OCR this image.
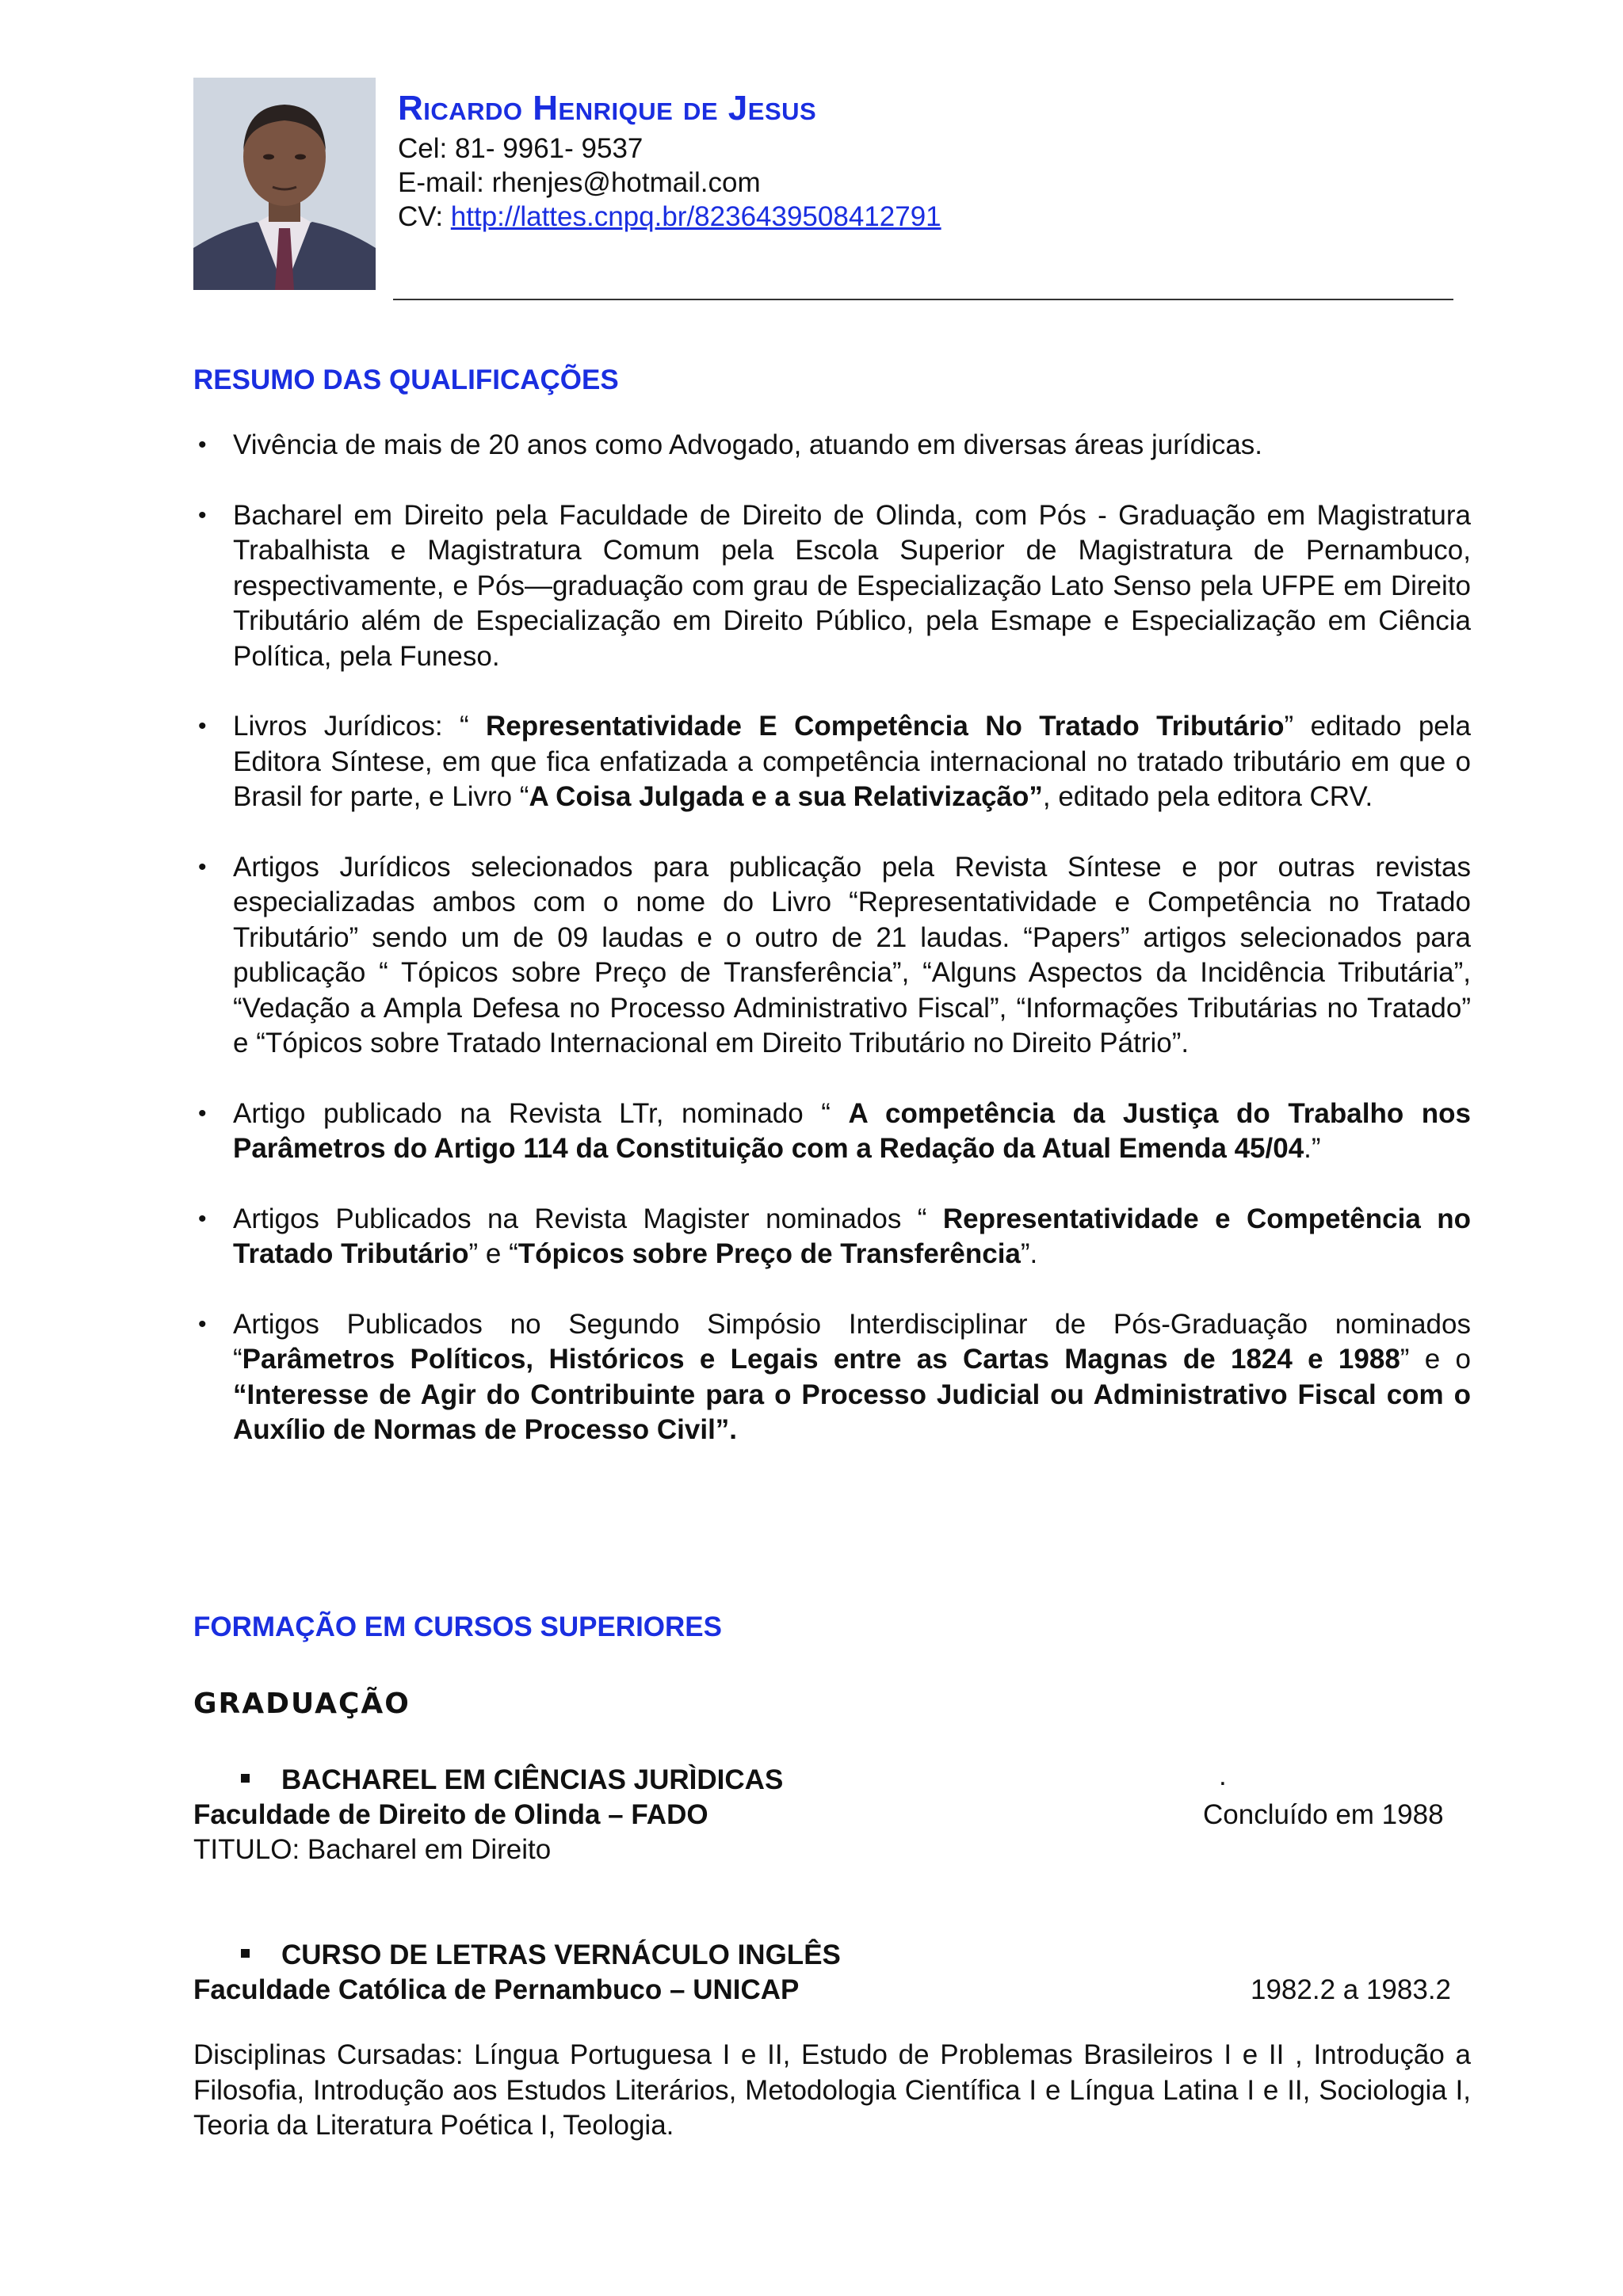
Ricardo Henrique de Jesus
Cel: 81- 9961- 9537
E-mail: rhenjes@hotmail.com
CV: http://lattes.cnpq.br/8236439508412791
RESUMO DAS QUALIFICAÇÕES
• Vivência de mais de 20 anos como Advogado, atuando em diversas áreas jurídicas.
• Bacharel em Direito pela Faculdade de Direito de Olinda, com Pós - Graduação em Magistratura Trabalhista e Magistratura Comum pela Escola Superior de Magistratura de Pernambuco, respectivamente, e Pós—graduação com grau de Especialização Lato Senso pela UFPE em Direito Tributário além de Especialização em Direito Público, pela Esmape e Especialização em Ciência Política, pela Funeso.
• Livros Jurídicos: “ Representatividade E Competência No Tratado Tributário” editado pela Editora Síntese, em que fica enfatizada a competência internacional no tratado tributário em que o Brasil for parte, e Livro “A Coisa Julgada e a sua Relativização”, editado pela editora CRV.
• Artigos Jurídicos selecionados para publicação pela Revista Síntese e por outras revistas especializadas ambos com o nome do Livro “Representatividade e Competência no Tratado Tributário” sendo um de 09 laudas e o outro de 21 laudas. “Papers” artigos selecionados para publicação “ Tópicos sobre Preço de Transferência”, “Alguns Aspectos da Incidência Tributária”, “Vedação a Ampla Defesa no Processo Administrativo Fiscal”, “Informações Tributárias no Tratado” e “Tópicos sobre Tratado Internacional em Direito Tributário no Direito Pátrio”.
• Artigo publicado na Revista LTr, nominado “ A competência da Justiça do Trabalho nos Parâmetros do Artigo 114 da Constituição com a Redação da Atual Emenda 45/04.”
• Artigos Publicados na Revista Magister nominados “ Representatividade e Competência no Tratado Tributário” e “Tópicos sobre Preço de Transferência”.
• Artigos Publicados no Segundo Simpósio Interdisciplinar de Pós-Graduação nominados “Parâmetros Políticos, Históricos e Legais entre as Cartas Magnas de 1824 e 1988” e o “Interesse de Agir do Contribuinte para o Processo Judicial ou Administrativo Fiscal com o Auxílio de Normas de Processo Civil”.
FORMAÇÃO EM CURSOS SUPERIORES
GRADUAÇÃO
BACHAREL EM CIÊNCIAS JURÌDICAS	.
Faculdade de Direito de Olinda – FADO	Concluído em 1988
TITULO: Bacharel em Direito
CURSO DE LETRAS VERNÁCULO INGLÊS
Faculdade Católica de Pernambuco – UNICAP	1982.2 a 1983.2
Disciplinas Cursadas: Língua Portuguesa I e II, Estudo de Problemas Brasileiros I e II , Introdução a Filosofia, Introdução aos Estudos Literários, Metodologia Científica I e Língua Latina I e II, Sociologia I, Teoria da Literatura Poética I, Teologia.
